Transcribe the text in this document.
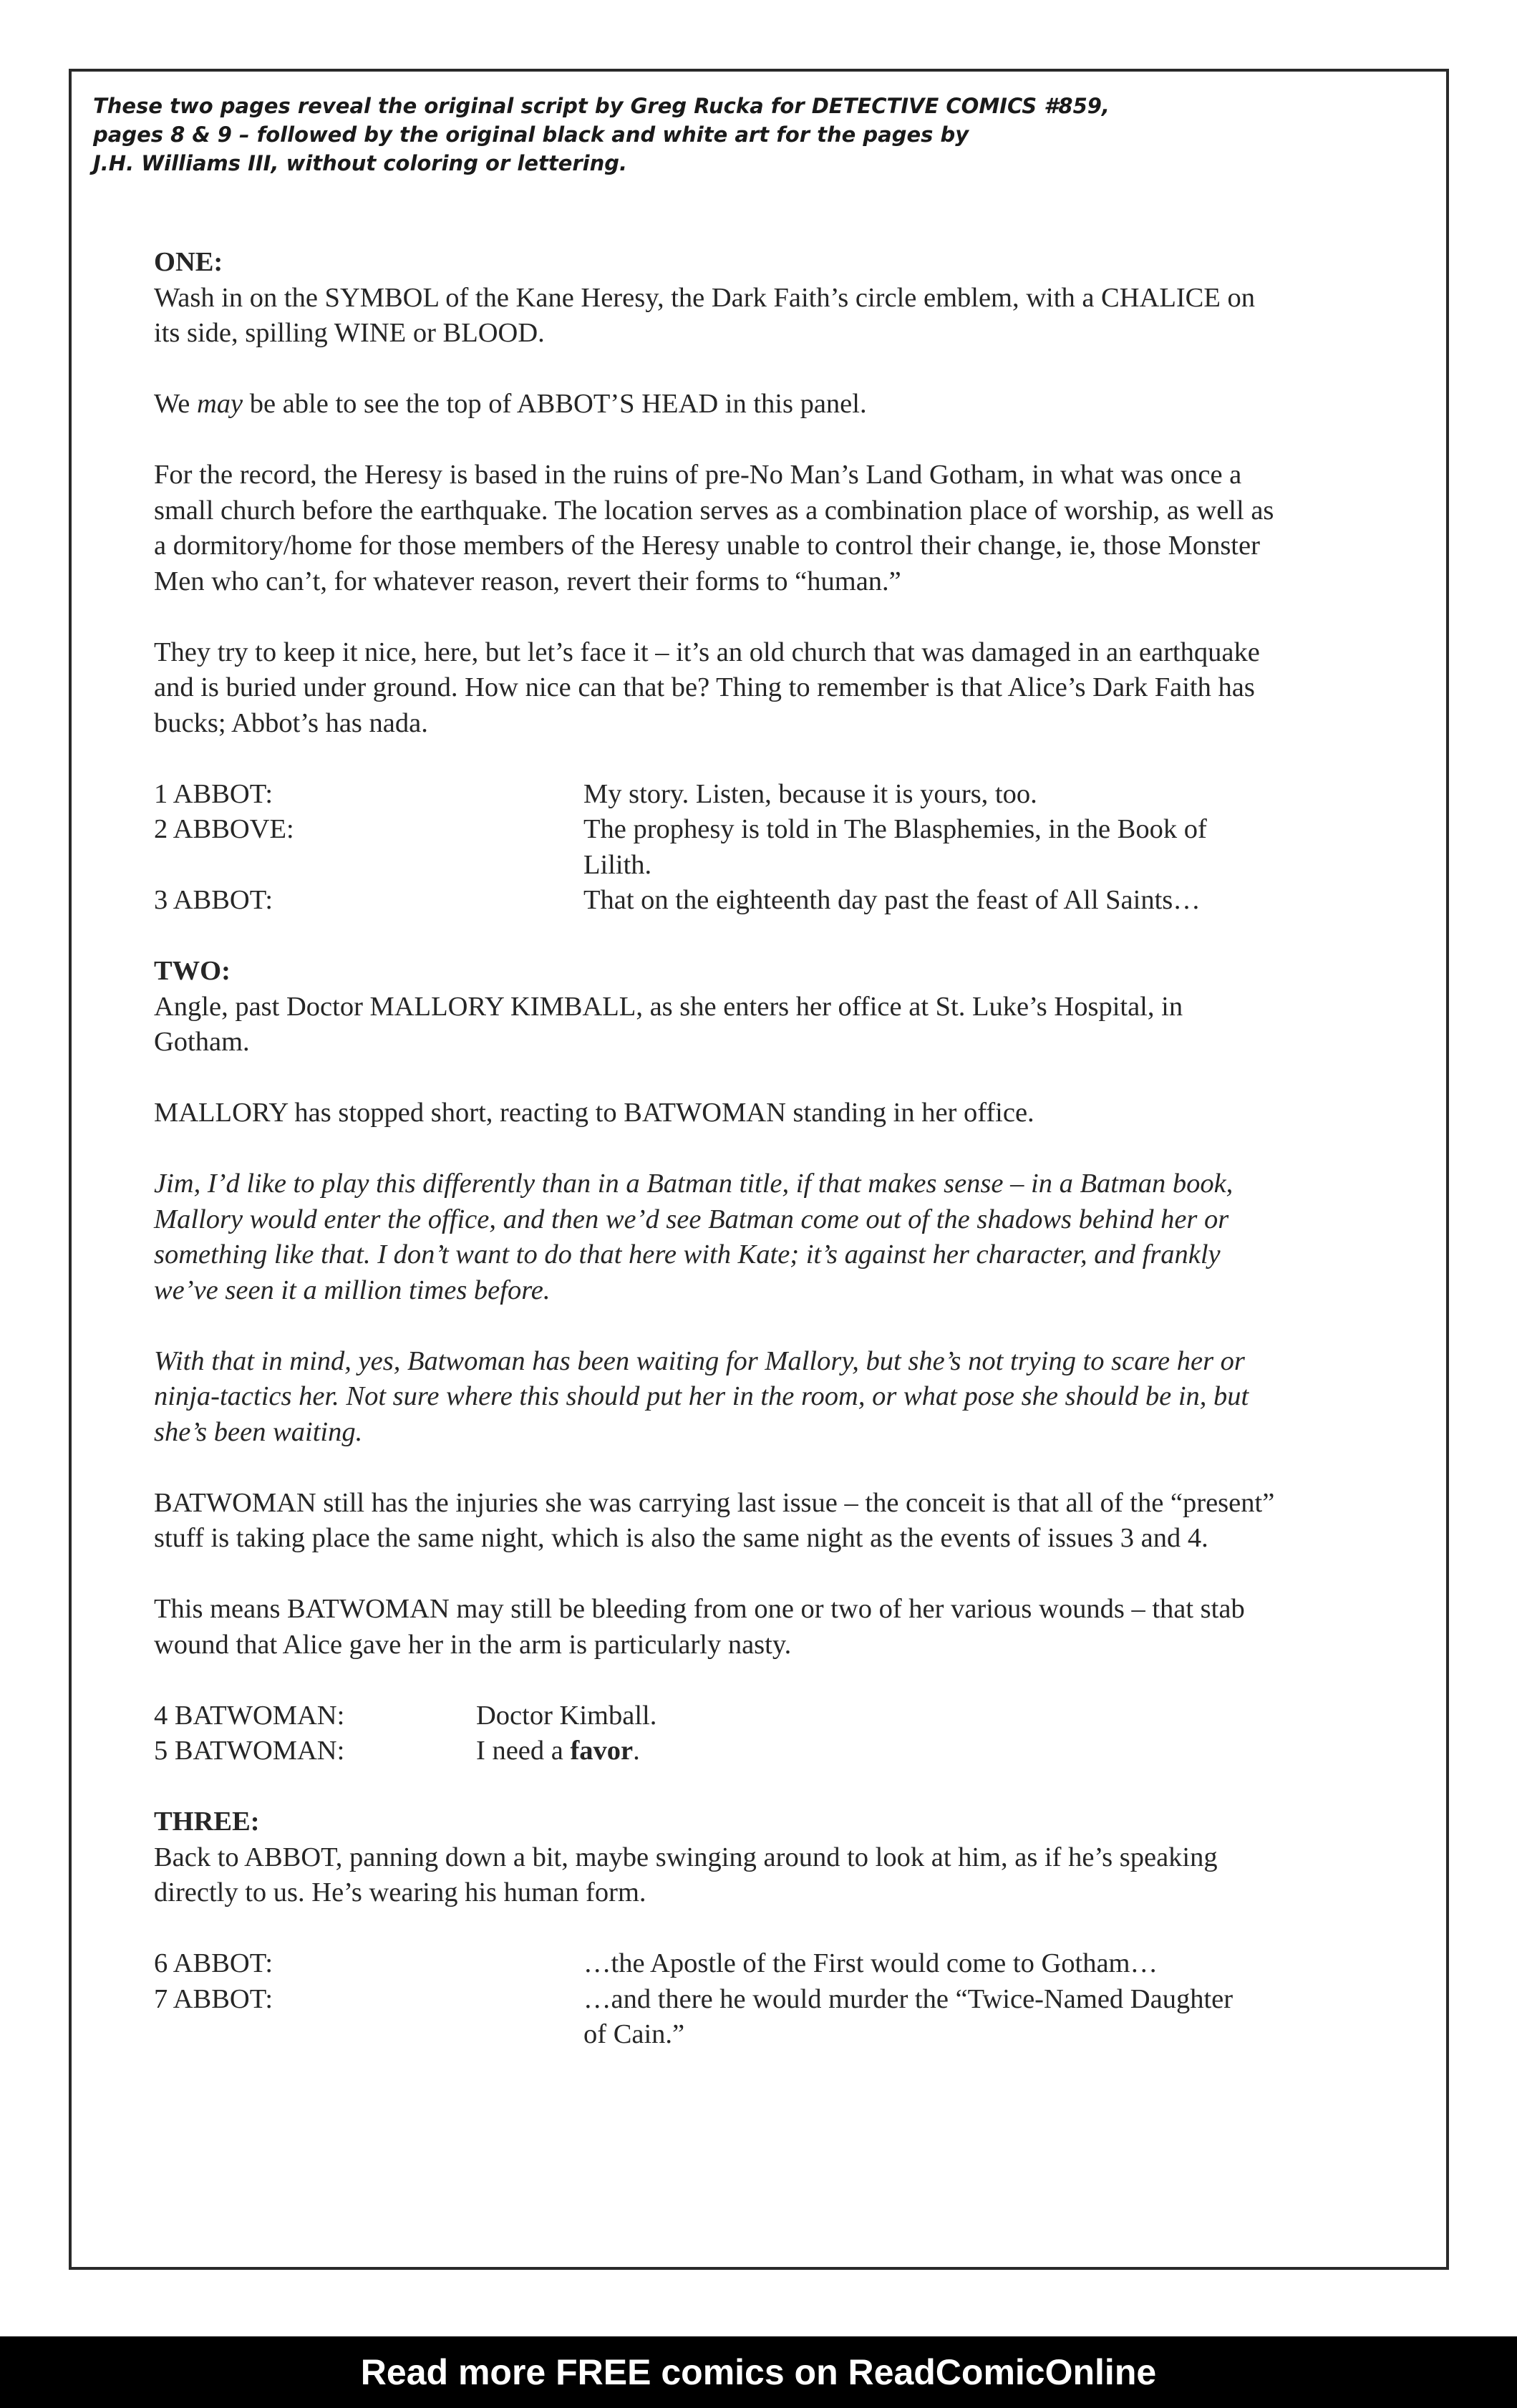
These two pages reveal the original script by Greg Rucka for DETECTIVE COMICS #859,
pages 8 & 9 – followed by the original black and white art for the pages by
J.H. Williams III, without coloring or lettering.
ONE:
Wash in on the SYMBOL of the Kane Heresy, the Dark Faith’s circle emblem, with a CHALICE on
its side, spilling WINE or BLOOD.
We may be able to see the top of ABBOT’S HEAD in this panel.
For the record, the Heresy is based in the ruins of pre-No Man’s Land Gotham, in what was once a
small church before the earthquake. The location serves as a combination place of worship, as well as
a dormitory/home for those members of the Heresy unable to control their change, ie, those Monster
Men who can’t, for whatever reason, revert their forms to “human.”
They try to keep it nice, here, but let’s face it – it’s an old church that was damaged in an earthquake
and is buried under ground. How nice can that be? Thing to remember is that Alice’s Dark Faith has
bucks; Abbot’s has nada.
1 ABBOT:	My story. Listen, because it is yours, too.
2 ABBOVE:	The prophesy is told in The Blasphemies, in the Book of
Lilith.
3 ABBOT:	That on the eighteenth day past the feast of All Saints…
TWO:
Angle, past Doctor MALLORY KIMBALL, as she enters her office at St. Luke’s Hospital, in
Gotham.
MALLORY has stopped short, reacting to BATWOMAN standing in her office.
Jim, I’d like to play this differently than in a Batman title, if that makes sense – in a Batman book,
Mallory would enter the office, and then we’d see Batman come out of the shadows behind her or
something like that. I don’t want to do that here with Kate; it’s against her character, and frankly
we’ve seen it a million times before.
With that in mind, yes, Batwoman has been waiting for Mallory, but she’s not trying to scare her or
ninja-tactics her. Not sure where this should put her in the room, or what pose she should be in, but
she’s been waiting.
BATWOMAN still has the injuries she was carrying last issue – the conceit is that all of the “present”
stuff is taking place the same night, which is also the same night as the events of issues 3 and 4.
This means BATWOMAN may still be bleeding from one or two of her various wounds – that stab
wound that Alice gave her in the arm is particularly nasty.
4 BATWOMAN:	Doctor Kimball.
5 BATWOMAN:	I need a favor.
THREE:
Back to ABBOT, panning down a bit, maybe swinging around to look at him, as if he’s speaking
directly to us. He’s wearing his human form.
6 ABBOT:	…the Apostle of the First would come to Gotham…
7 ABBOT:	…and there he would murder the “Twice-Named Daughter
of Cain.”
Read more FREE comics on ReadComicOnline
